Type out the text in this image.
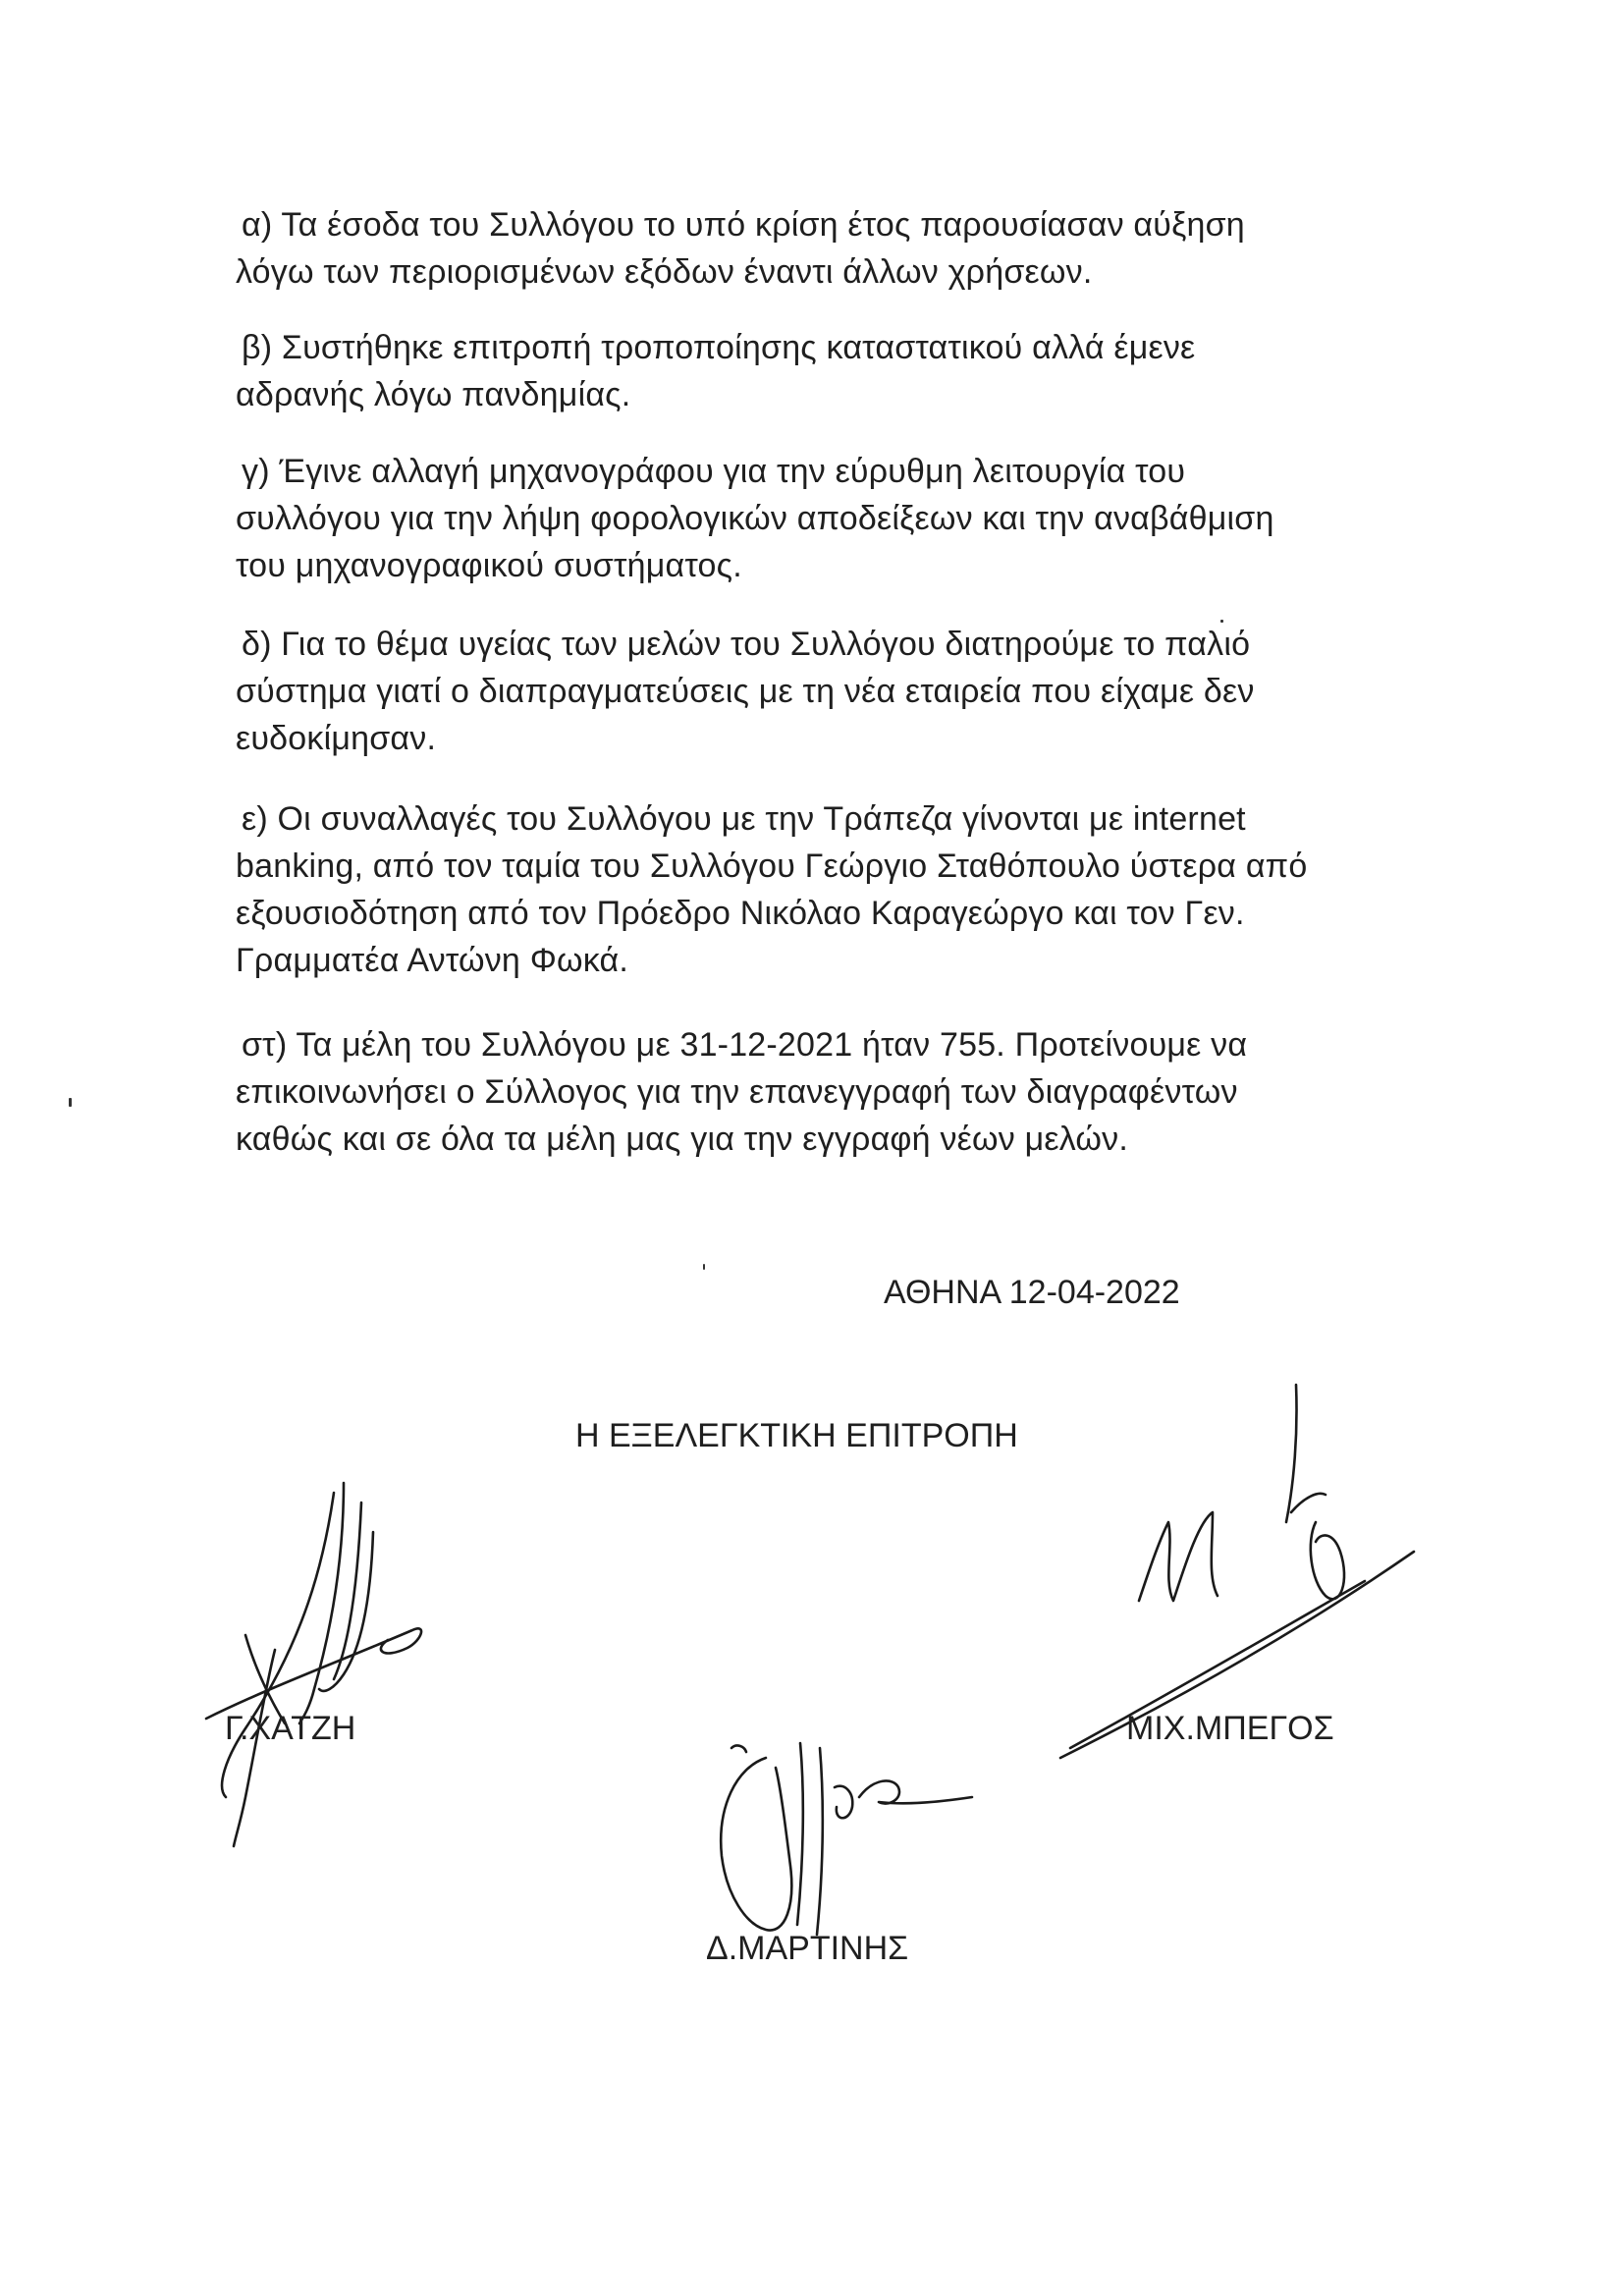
α) Τα έσοδα του Συλλόγου το υπό κρίση έτος παρουσίασαν αύξηση
λόγω των περιορισμένων εξόδων έναντι άλλων χρήσεων.
β) Συστήθηκε επιτροπή τροποποίησης καταστατικού αλλά έμενε
αδρανής λόγω πανδημίας.
γ) Έγινε αλλαγή μηχανογράφου για την εύρυθμη λειτουργία του
συλλόγου για την λήψη φορολογικών αποδείξεων και την αναβάθμιση
του μηχανογραφικού συστήματος.
δ) Για το θέμα υγείας των μελών του Συλλόγου διατηρούμε το παλιό
σύστημα γιατί ο διαπραγματεύσεις με τη νέα εταιρεία που είχαμε δεν
ευδοκίμησαν.
ε) Οι συναλλαγές του Συλλόγου με την Τράπεζα γίνονται με internet
banking, από τον ταμία του Συλλόγου Γεώργιο Σταθόπουλο ύστερα από
εξουσιοδότηση από τον Πρόεδρο Νικόλαο Καραγεώργο και τον Γεν.
Γραμματέα Αντώνη Φωκά.
στ) Τα μέλη του Συλλόγου με 31-12-2021 ήταν 755. Προτείνουμε να
επικοινωνήσει ο Σύλλογος για την επανεγγραφή των διαγραφέντων
καθώς και σε όλα τα μέλη μας για την εγγραφή νέων μελών.
ΑΘΗΝΑ 12-04-2022
Η ΕΞΕΛΕΓΚΤΙΚΗ ΕΠΙΤΡΟΠΗ
Γ.ΧΑΤΖΗ	ΜΙΧ.ΜΠΕΓΟΣ
Δ.ΜΑΡΤΙΝΗΣ
